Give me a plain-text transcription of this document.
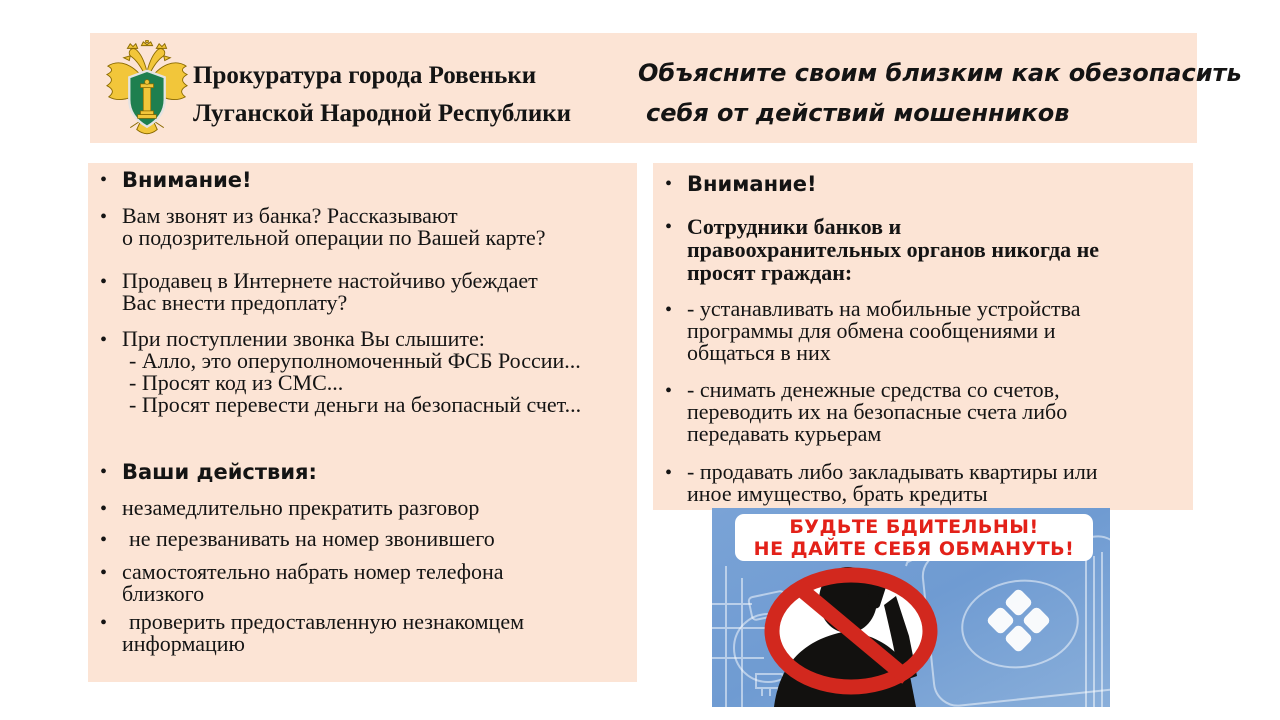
Прокуратура города Ровеньки
Луганской Народной Республики
Объясните своим близким как обезопасить
себя от действий мошенников
•
Внимание!
•
Вам звонят из банка? Рассказывают
о подозрительной операции по Вашей карте?
•
Продавец в Интернете настойчиво убеждает
Вас внести предоплату?
•
При поступлении звонка Вы слышите:
- Алло, это оперуполномоченный ФСБ России...
- Просят код из СМС...
- Просят перевести деньги на безопасный счет...
•
Ваши действия:
•
незамедлительно прекратить разговор
•
не перезванивать на номер звонившего
•
самостоятельно набрать номер телефона
близкого
•
проверить предоставленную незнакомцем
информацию
•
Внимание!
•
Сотрудники банков и
правоохранительных органов никогда не
просят граждан:
•
- устанавливать на мобильные устройства
программы для обмена сообщениями и
общаться в них
•
- снимать денежные средства со счетов,
переводить их на безопасные счета либо
передавать курьерам
•
- продавать либо закладывать квартиры или
иное имущество, брать кредиты
БУДЬТЕ БДИТЕЛЬНЫ!
НЕ ДАЙТЕ СЕБЯ ОБМАНУТЬ!
